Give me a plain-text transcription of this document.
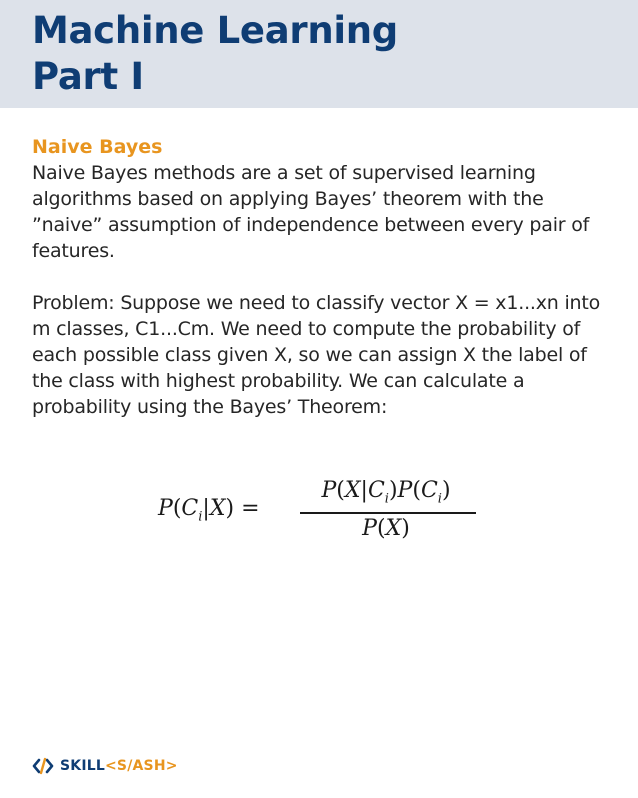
Machine Learning
Part I
Naive Bayes

Naive Bayes methods are a set of supervised learning algorithms based on applying Bayes’ theorem with the ”naive” assumption of independence between every pair of features.

Problem: Suppose we need to classify vector X = x1...xn into m classes, C1...Cm. We need to compute the probability of each possible class given X, so we can assign X the label of the class with highest probability. We can calculate a probability using the Bayes’ Theorem:

$P(C_i|X)$ =
$P(X|C_i)P(C_i)$
P(X)
SKILL <S/ASH>
